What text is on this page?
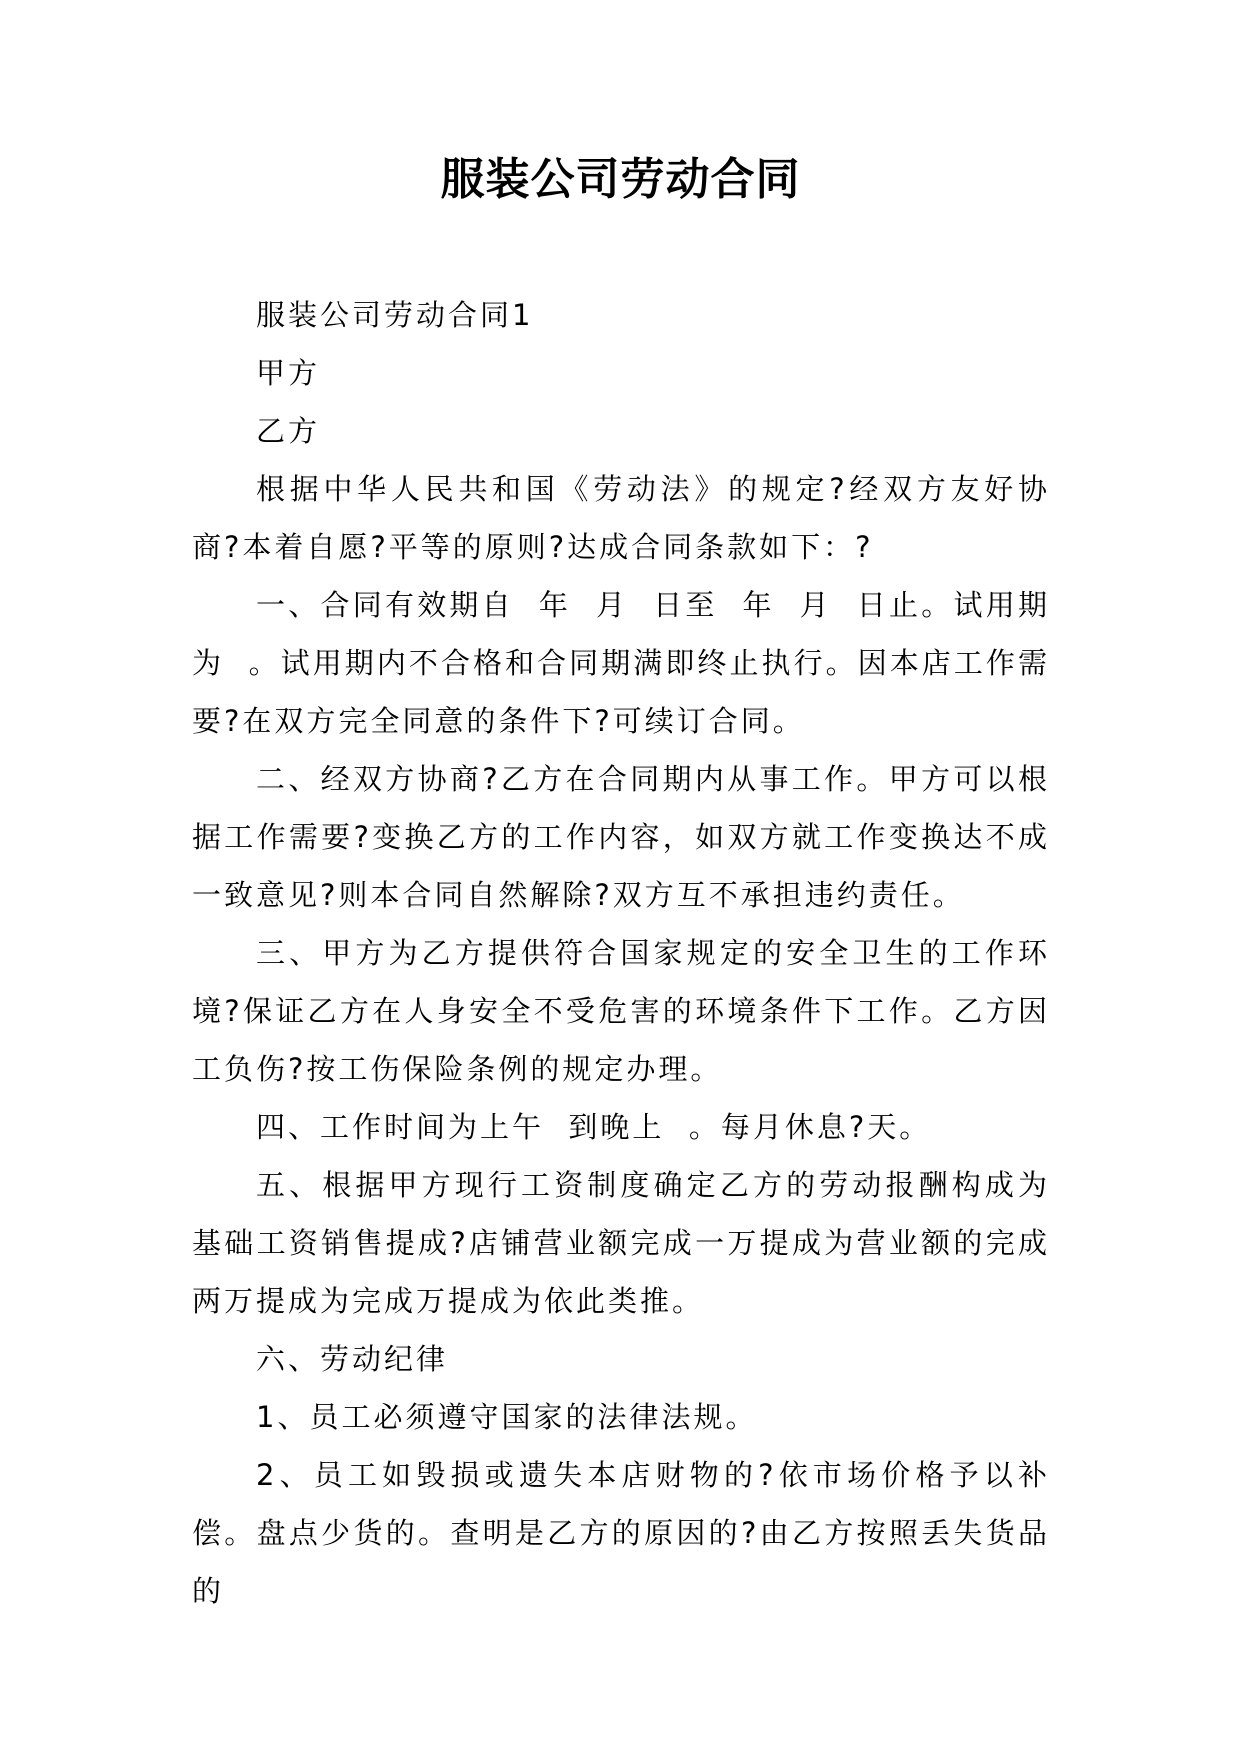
服装公司劳动合同

服装公司劳动合同1

甲方

乙方

根据中华人民共和国《劳动法》的规定?经双方友好协商?本着自愿?平等的原则?达成合同条款如下：?

一、合同有效期自  年  月  日至  年  月  日止。试用期为  。试用期内不合格和合同期满即终止执行。因本店工作需要?在双方完全同意的条件下?可续订合同。

二、经双方协商?乙方在合同期内从事工作。甲方可以根据工作需要?变换乙方的工作内容，如双方就工作变换达不成一致意见?则本合同自然解除?双方互不承担违约责任。

三、甲方为乙方提供符合国家规定的安全卫生的工作环境?保证乙方在人身安全不受危害的环境条件下工作。乙方因工负伤?按工伤保险条例的规定办理。

四、工作时间为上午  到晚上  。每月休息?天。

五、根据甲方现行工资制度确定乙方的劳动报酬构成为基础工资销售提成?店铺营业额完成一万提成为营业额的完成两万提成为完成万提成为依此类推。

六、劳动纪律

1、员工必须遵守国家的法律法规。

2、员工如毁损或遗失本店财物的?依市场价格予以补偿。盘点少货的。查明是乙方的原因的?由乙方按照丢失货品的
